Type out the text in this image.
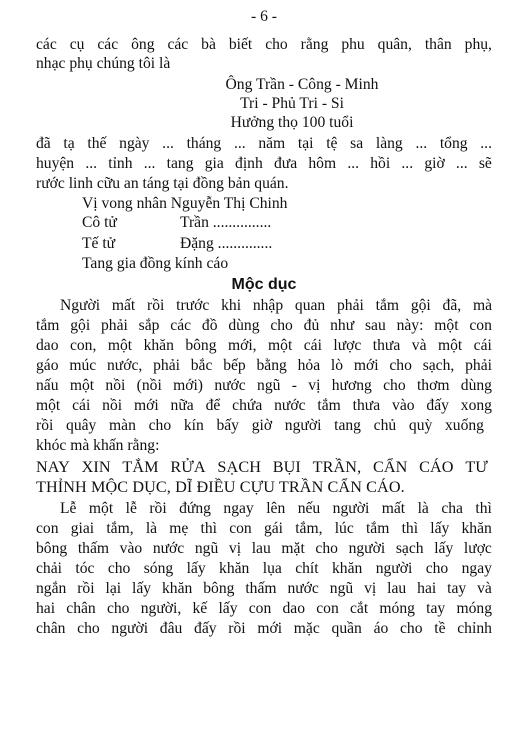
- 6 -
các cụ các ông các bà biết cho rằng phu quân, thân phụ,
nhạc phụ chúng tôi là
Ông Trần - Công - Minh
Tri - Phủ Tri - Si
Hưởng thọ 100 tuổi
đã tạ thế ngày ... tháng ... năm tại tệ sa làng ... tổng ...
huyện ... tỉnh ... tang gia định đưa hôm ... hồi ... giờ ... sẽ
rước linh cữu an táng tại đồng bản quán.
Vị vong nhân Nguyễn Thị Chinh
Cô tử	Trần ...............
Tế tử	Đặng ..............
Tang gia đồng kính cáo
Mộc dục
Người mất rồi trước khi nhập quan phải tắm gội đã, mà
tắm gội phải sắp các đồ dùng cho đủ như sau này: một con
dao con, một khăn bông mới, một cái lược thưa và một cái
gáo múc nước, phải bắc bếp bằng hỏa lò mới cho sạch, phải
nấu một nồi (nồi mới) nước ngũ - vị hương cho thơm dùng
một cái nồi mới nữa để chứa nước tắm thưa vào đấy xong
rồi quây màn cho kín bấy giờ người tang chủ quỳ xuống
khóc mà khấn rằng:
NAY XIN TẮM RỬA SẠCH BỤI TRẦN, CẨN CÁO TƯ
THỈNH MỘC DỤC, DĨ ĐIỀU CỰU TRẦN CẨN CÁO.
Lễ một lễ rồi đứng ngay lên nếu người mất là cha thì
con giai tắm, là mẹ thì con gái tắm, lúc tắm thì lấy khăn
bông thấm vào nước ngũ vị lau mặt cho người sạch lấy lược
chải tóc cho sóng lấy khăn lụa chít khăn người cho ngay
ngắn rồi lại lấy khăn bông thấm nước ngũ vị lau hai tay và
hai chân cho người, kế lấy con dao con cắt móng tay móng
chân cho người đâu đấy rồi mới mặc quần áo cho tề chỉnh
